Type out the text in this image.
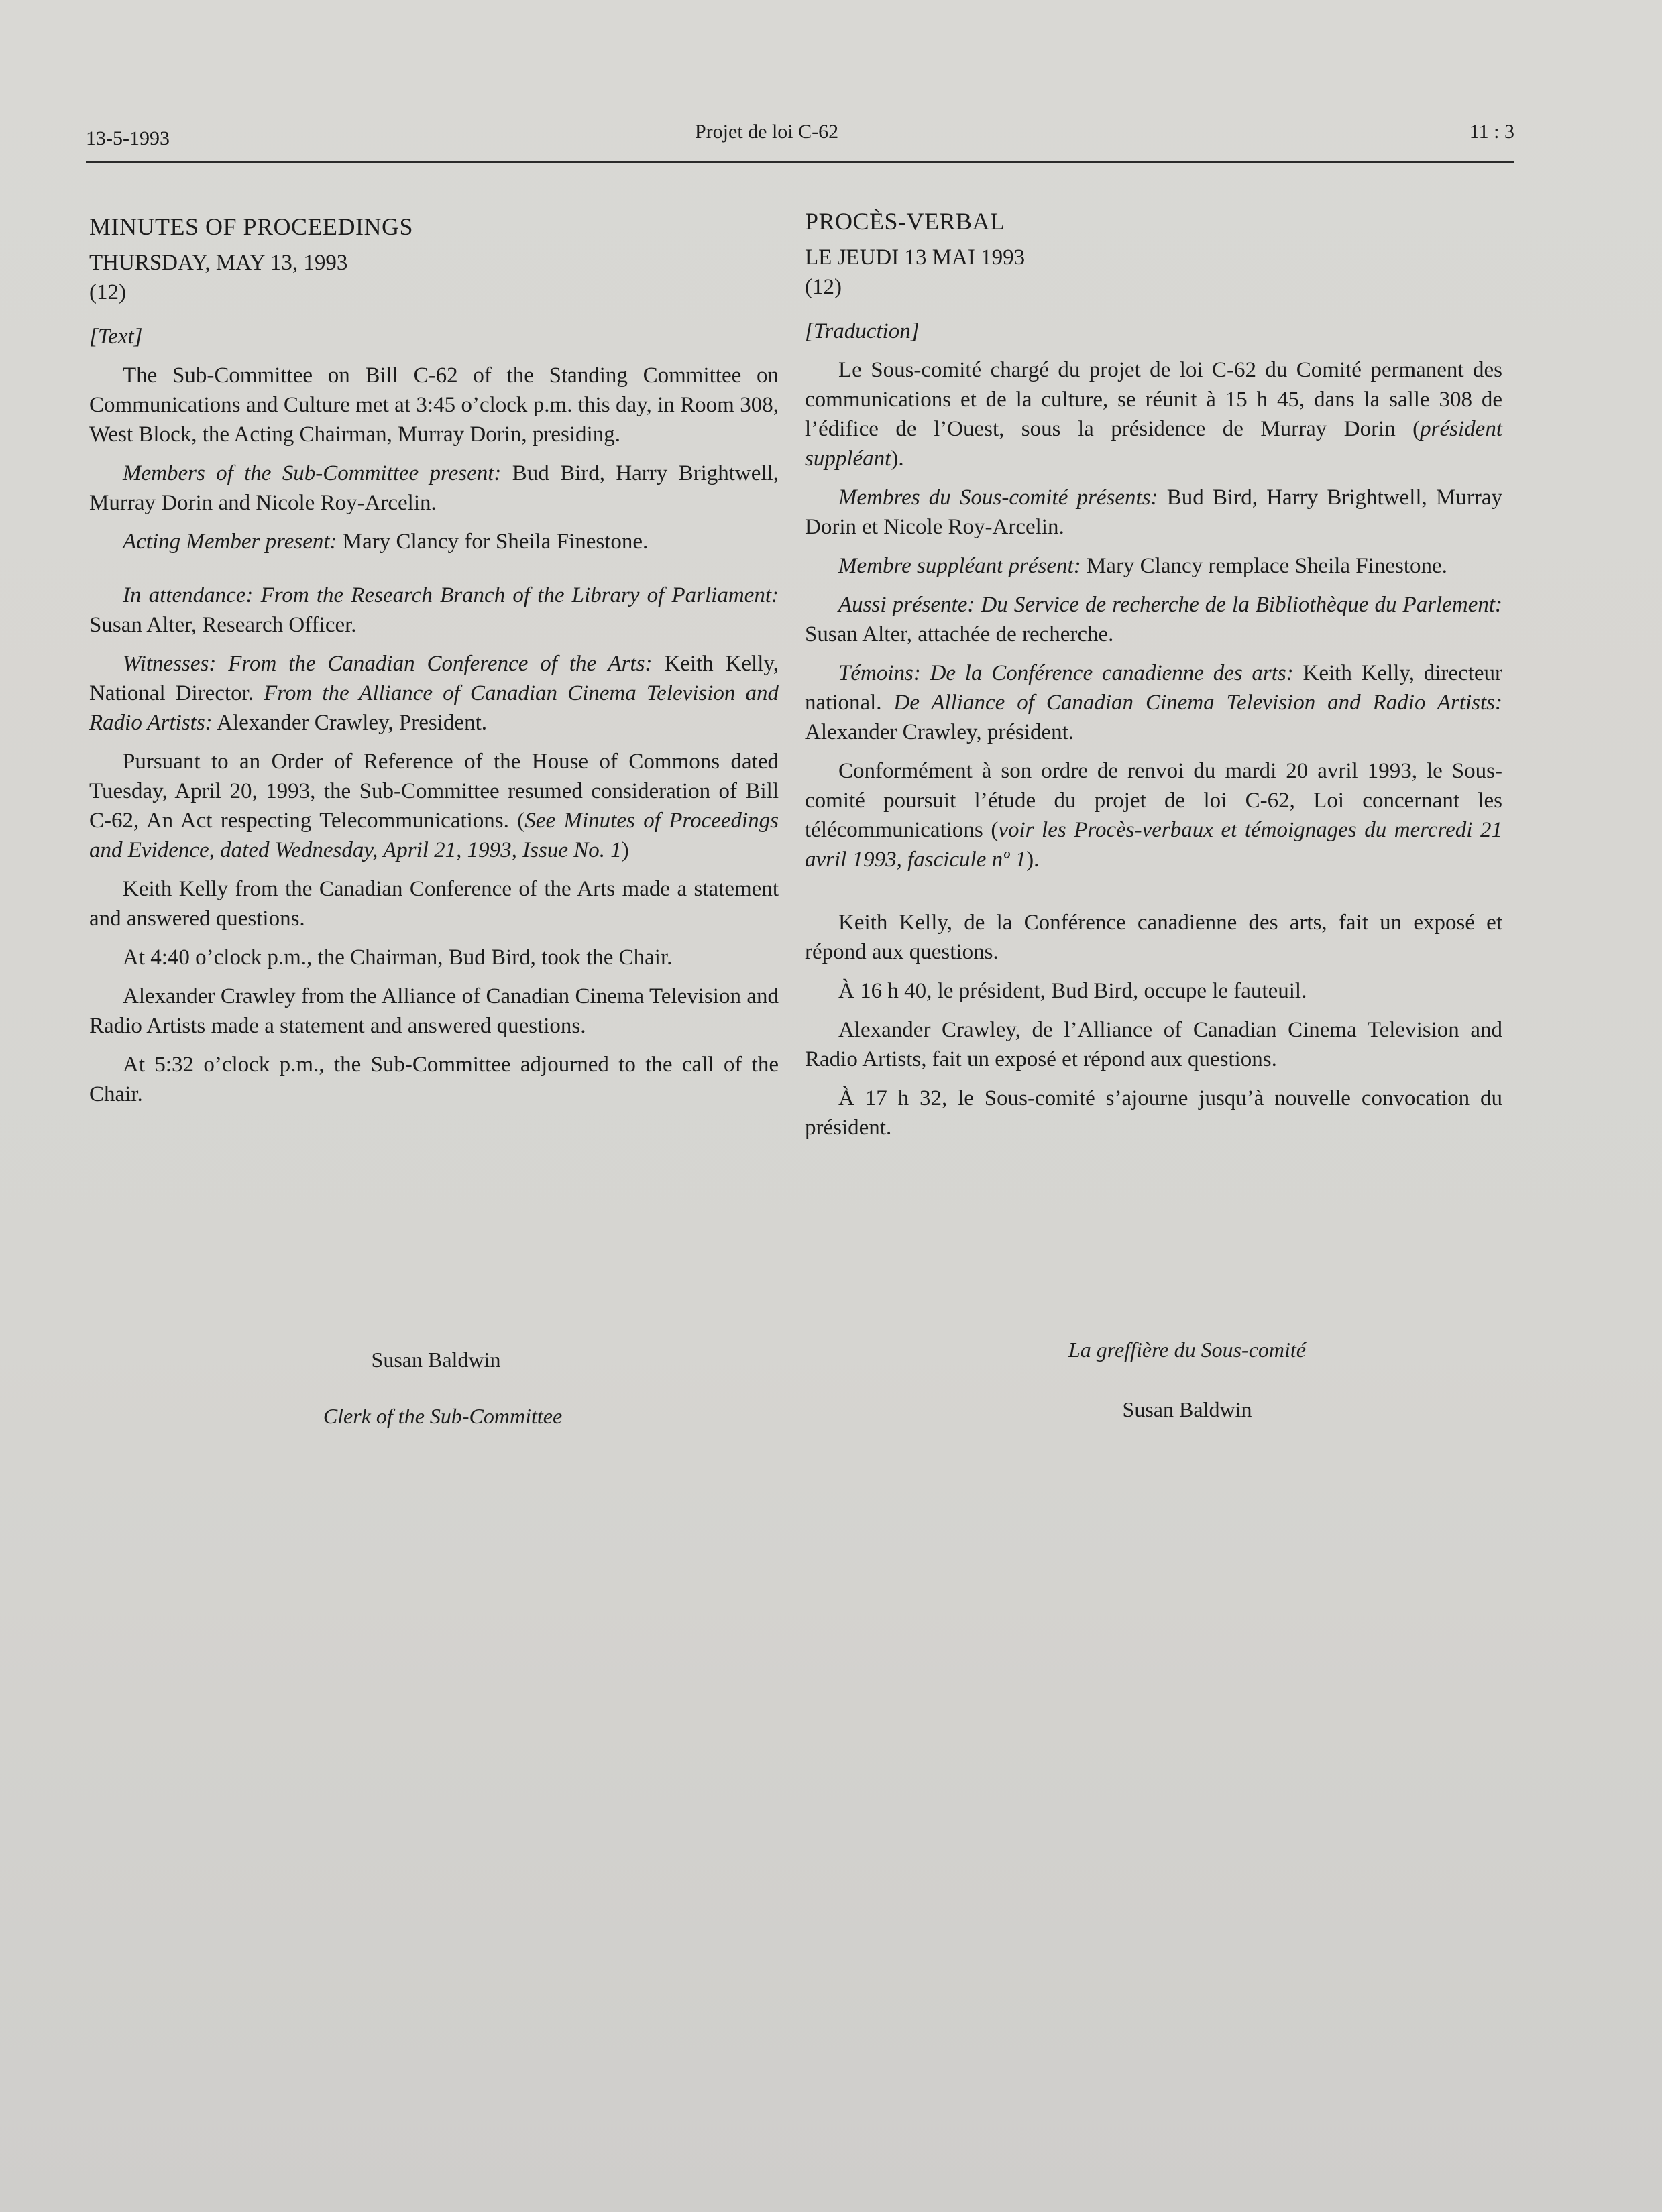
13-5-1993	Projet de loi C-62	11 : 3
MINUTES OF PROCEEDINGS
THURSDAY, MAY 13, 1993
(12)
[Text]

The Sub-Committee on Bill C-62 of the Standing Committee on Communications and Culture met at 3:45 o’clock p.m. this day, in Room 308, West Block, the Acting Chairman, Murray Dorin, presiding.

Members of the Sub-Committee present: Bud Bird, Harry Brightwell, Murray Dorin and Nicole Roy-Arcelin.

Acting Member present: Mary Clancy for Sheila Finestone.

In attendance: From the Research Branch of the Library of Parliament: Susan Alter, Research Officer.

Witnesses: From the Canadian Conference of the Arts: Keith Kelly, National Director. From the Alliance of Canadian Cinema Television and Radio Artists: Alexander Crawley, President.

Pursuant to an Order of Reference of the House of Commons dated Tuesday, April 20, 1993, the Sub-Committee resumed consideration of Bill C-62, An Act respecting Telecommunications. (See Minutes of Proceedings and Evidence, dated Wednesday, April 21, 1993, Issue No. 1)

Keith Kelly from the Canadian Conference of the Arts made a statement and answered questions.

At 4:40 o’clock p.m., the Chairman, Bud Bird, took the Chair.

Alexander Crawley from the Alliance of Canadian Cinema Television and Radio Artists made a statement and answered questions.

At 5:32 o’clock p.m., the Sub-Committee adjourned to the call of the Chair.

Susan Baldwin
Clerk of the Sub-Committee
PROCÈS-VERBAL
LE JEUDI 13 MAI 1993
(12)
[Traduction]

Le Sous-comité chargé du projet de loi C-62 du Comité permanent des communications et de la culture, se réunit à 15 h 45, dans la salle 308 de l’édifice de l’Ouest, sous la présidence de Murray Dorin (président suppléant).

Membres du Sous-comité présents: Bud Bird, Harry Brightwell, Murray Dorin et Nicole Roy-Arcelin.

Membre suppléant présent: Mary Clancy remplace Sheila Finestone.

Aussi présente: Du Service de recherche de la Bibliothèque du Parlement: Susan Alter, attachée de recherche.

Témoins: De la Conférence canadienne des arts: Keith Kelly, directeur national. De Alliance of Canadian Cinema Television and Radio Artists: Alexander Crawley, président.

Conformément à son ordre de renvoi du mardi 20 avril 1993, le Sous-comité poursuit l’étude du projet de loi C-62, Loi concernant les télécommunications (voir les Procès-verbaux et témoignages du mercredi 21 avril 1993, fascicule nº 1).

Keith Kelly, de la Conférence canadienne des arts, fait un exposé et répond aux questions.

À 16 h 40, le président, Bud Bird, occupe le fauteuil.

Alexander Crawley, de l’Alliance of Canadian Cinema Television and Radio Artists, fait un exposé et répond aux questions.

À 17 h 32, le Sous-comité s’ajourne jusqu’à nouvelle convocation du président.

La greffière du Sous-comité
Susan Baldwin
